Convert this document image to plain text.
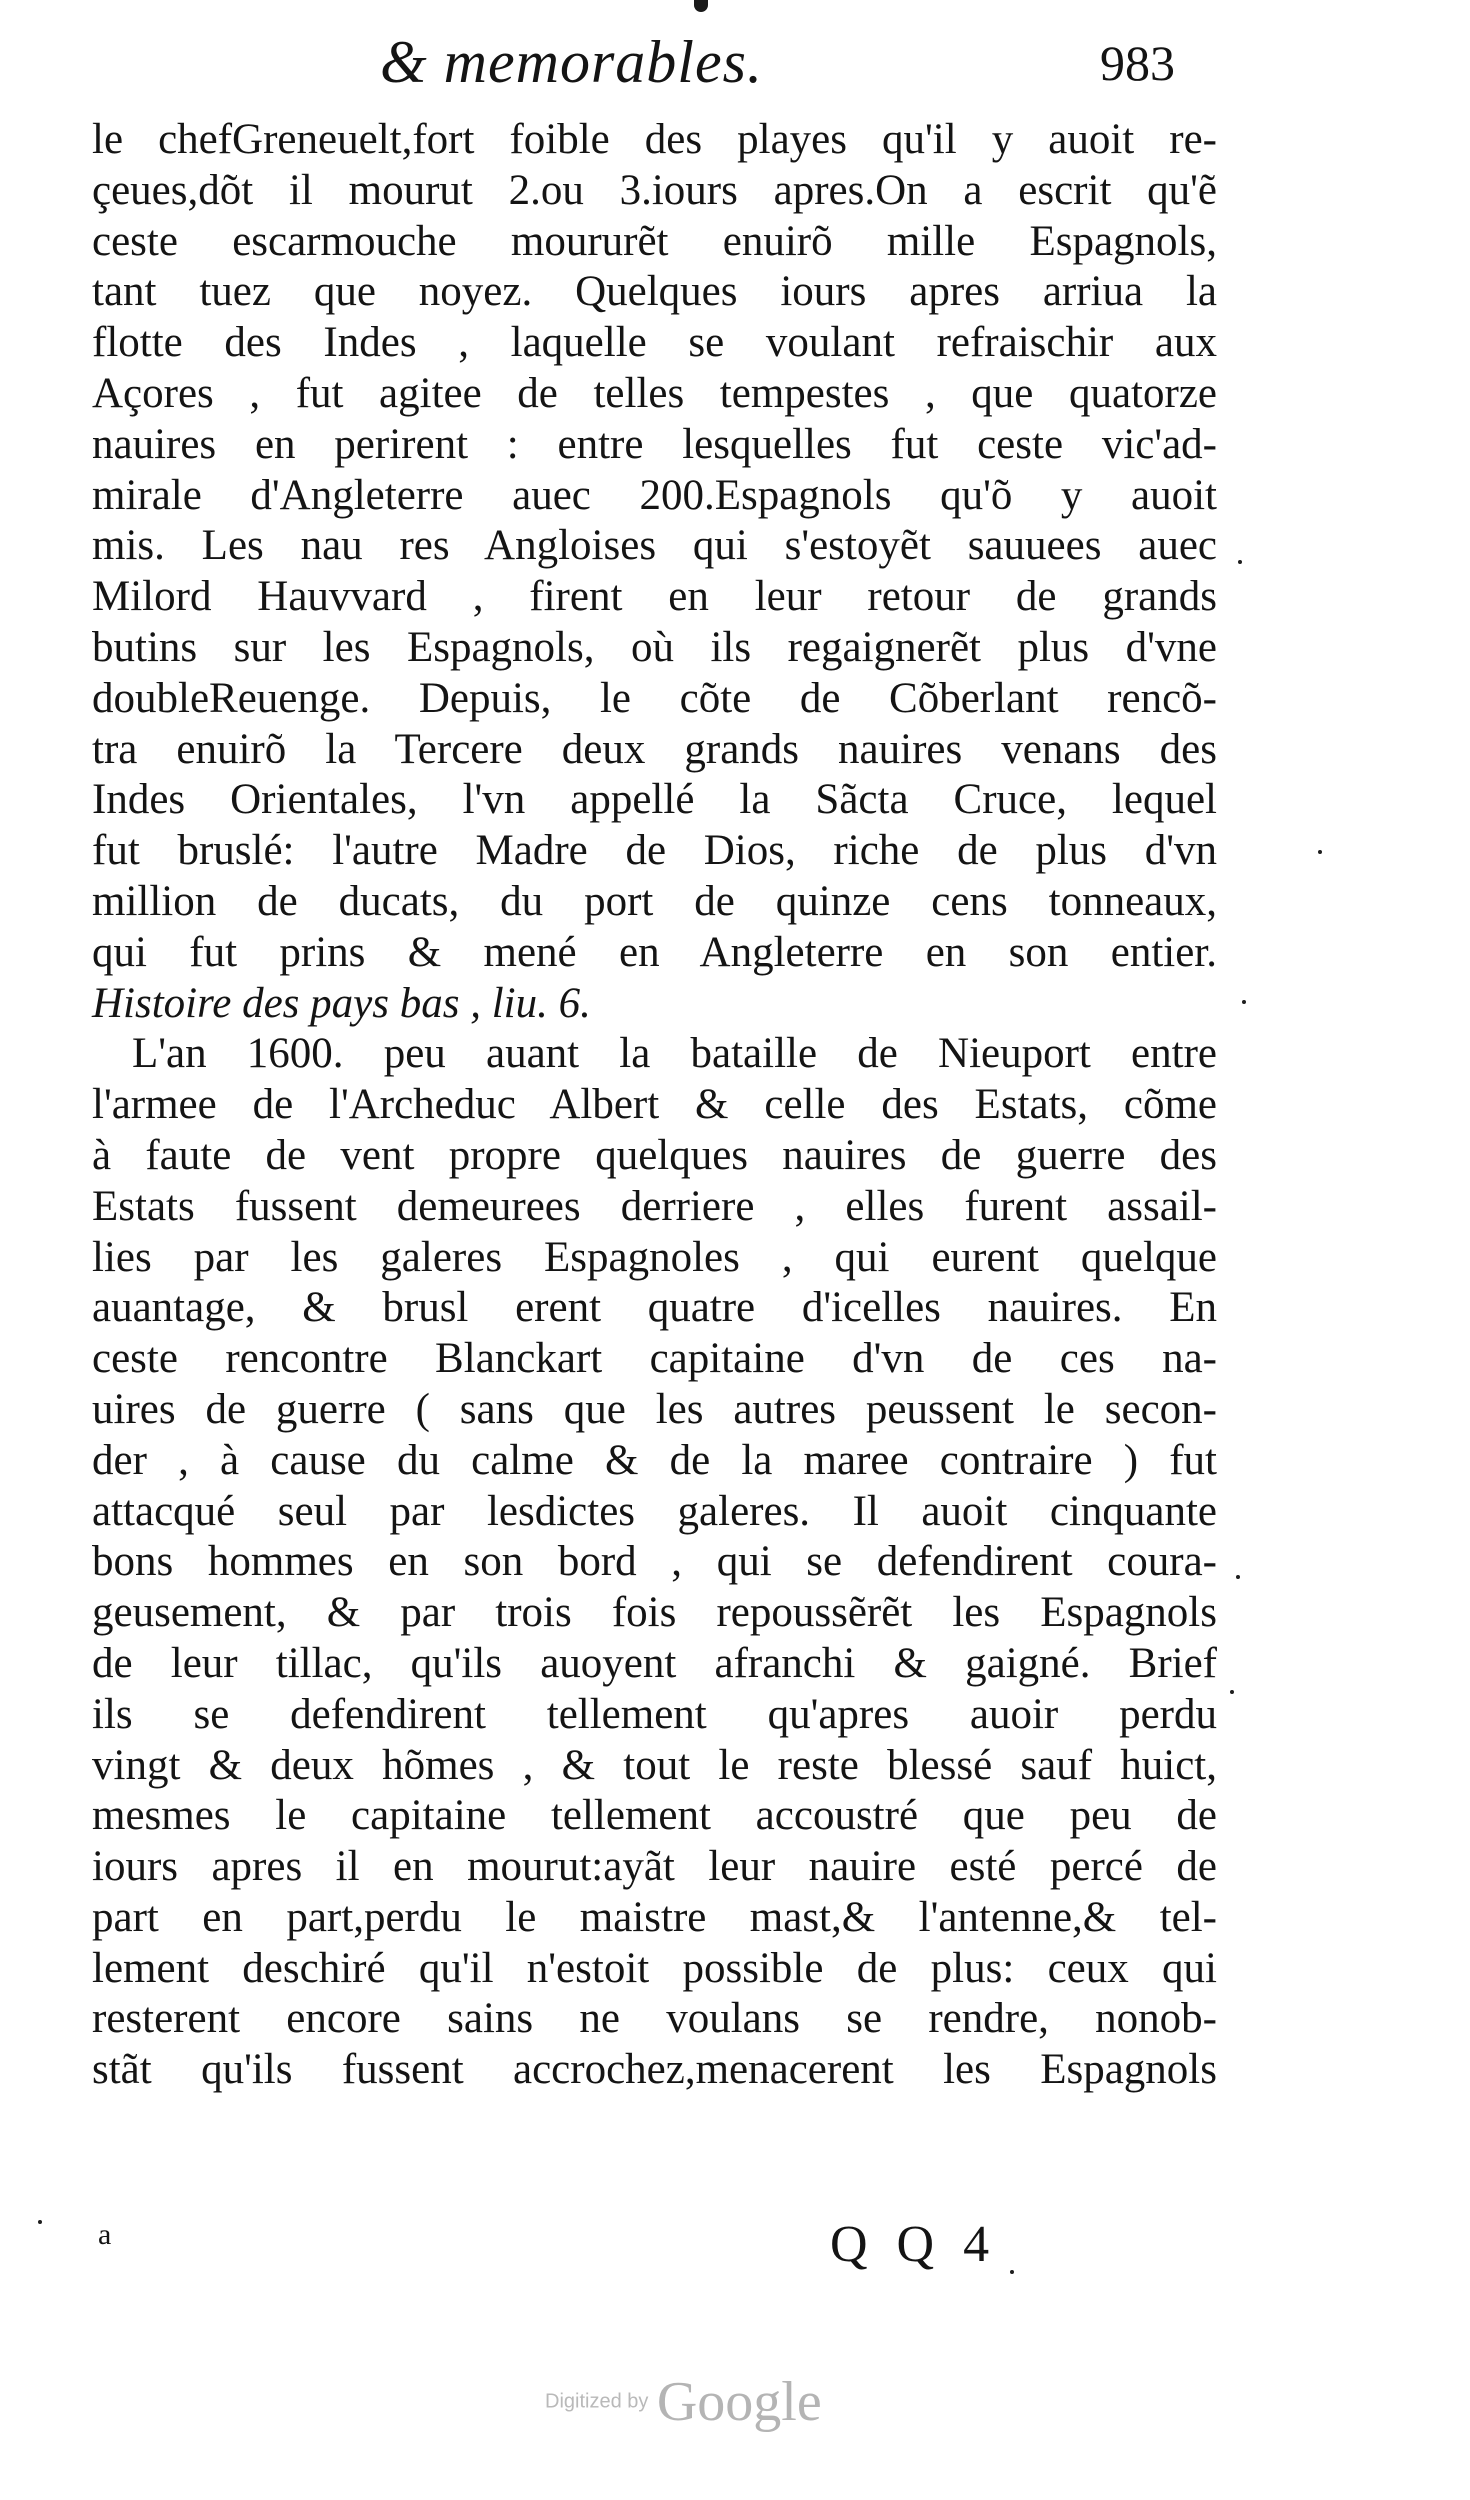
& memorables.	983
le chefGreneuelt,fort foible des playes qu'il y auoit re-
çeues,dõt il mourut 2.ou 3.iours apres.On a escrit qu'ẽ
ceste escarmouche moururẽt enuirõ mille Espagnols,
tant tuez que noyez. Quelques iours apres arriua la
flotte des Indes , laquelle se voulant refraischir aux
Açores , fut agitee de telles tempestes , que quatorze
nauires en perirent : entre lesquelles fut ceste vic'ad-
mirale d'Angleterre auec 200.Espagnols qu'õ y auoit
mis. Les nau res Angloises qui s'estoyẽt sauuees auec
Milord Hauvvard , firent en leur retour de grands
butins sur les Espagnols, où ils regaignerẽt plus d'vne
doubleReuenge. Depuis, le cõte de Cõberlant rencõ-
tra enuirõ la Tercere deux grands nauires venans des
Indes Orientales, l'vn appellé la Sãcta Cruce, lequel
fut bruslé: l'autre Madre de Dios, riche de plus d'vn
million de ducats, du port de quinze cens tonneaux,
qui fut prins & mené en Angleterre en son entier.
Histoire des pays bas , liu. 6.
L'an 1600. peu auant la bataille de Nieuport entre
l'armee de l'Archeduc Albert & celle des Estats, cõme
à faute de vent propre quelques nauires de guerre des
Estats fussent demeurees derriere , elles furent assail-
lies par les galeres Espagnoles , qui eurent quelque
auantage, & brusl erent quatre d'icelles nauires. En
ceste rencontre Blanckart capitaine d'vn de ces na-
uires de guerre ( sans que les autres peussent le secon-
der , à cause du calme & de la maree contraire ) fut
attacqué seul par lesdictes galeres. Il auoit cinquante
bons hommes en son bord , qui se defendirent coura-
geusement, & par trois fois repoussẽrẽt les Espagnols
de leur tillac, qu'ils auoyent afranchi & gaigné. Brief
ils se defendirent tellement qu'apres auoir perdu
vingt & deux hõmes , & tout le reste blessé sauf huict,
mesmes le capitaine tellement accoustré que peu de
iours apres il en mourut:ayãt leur nauire esté percé de
part en part,perdu le maistre mast,& l'antenne,& tel-
lement deschiré qu'il n'estoit possible de plus: ceux qui
resterent encore sains ne voulans se rendre, nonob-
stãt qu'ils fussent accrochez,menacerent les Espagnols
a	Q Q 4
Digitized by Google
